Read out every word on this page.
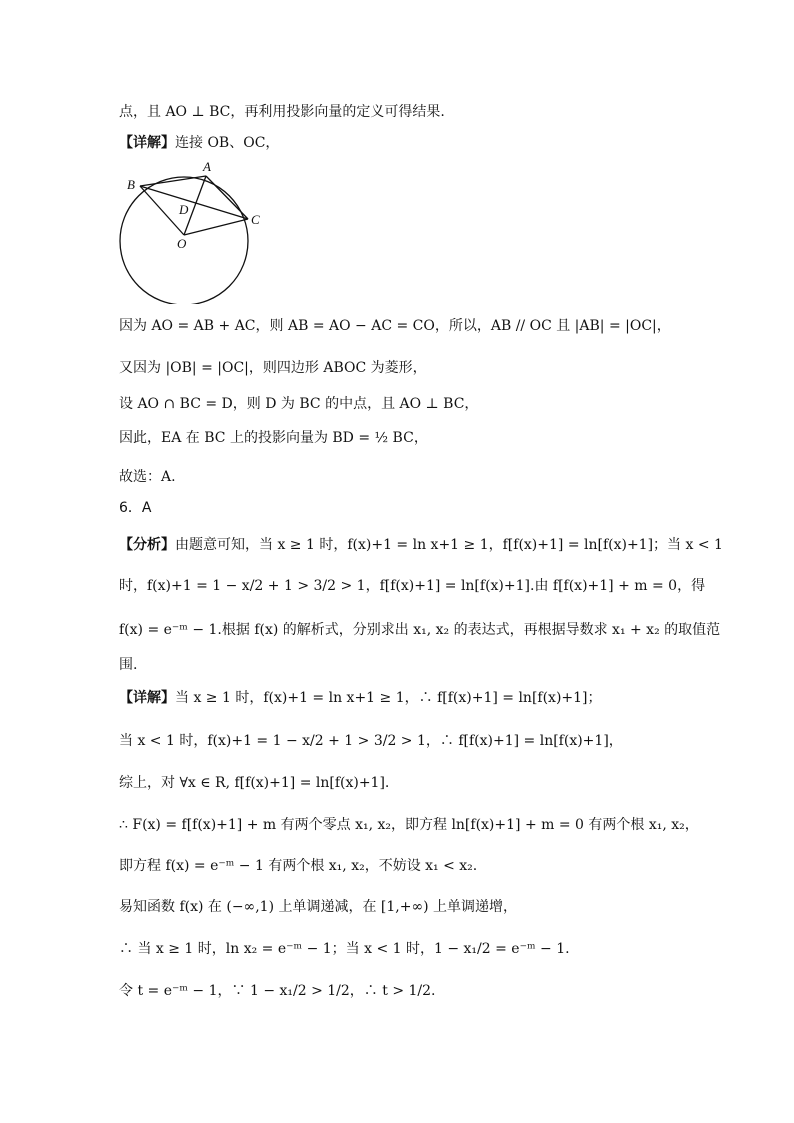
点，且 AO ⊥ BC，再利用投影向量的定义可得结果.
【详解】连接 OB、OC，
A
B
C
D
O
因为 AO = AB + AC，则 AB = AO − AC = CO，所以，AB // OC 且 |AB| = |OC|，
又因为 |OB| = |OC|，则四边形 ABOC 为菱形，
设 AO ∩ BC = D，则 D 为 BC 的中点，且 AO ⊥ BC，
因此，EA 在 BC 上的投影向量为 BD = ½ BC，
故选：A.
6．A
【分析】由题意可知，当 x ≥ 1 时，f(x)+1 = ln x+1 ≥ 1，f[f(x)+1] = ln[f(x)+1]；当 x < 1
时，f(x)+1 = 1 − x/2 + 1 > 3/2 > 1，f[f(x)+1] = ln[f(x)+1].由 f[f(x)+1] + m = 0，得
f(x) = e⁻ᵐ − 1.根据 f(x) 的解析式，分别求出 x₁, x₂ 的表达式，再根据导数求 x₁ + x₂ 的取值范
围.
【详解】当 x ≥ 1 时，f(x)+1 = ln x+1 ≥ 1，∴ f[f(x)+1] = ln[f(x)+1]；
当 x < 1 时，f(x)+1 = 1 − x/2 + 1 > 3/2 > 1，∴ f[f(x)+1] = ln[f(x)+1]，
综上，对 ∀x ∈ R, f[f(x)+1] = ln[f(x)+1].
∴ F(x) = f[f(x)+1] + m 有两个零点 x₁, x₂，即方程 ln[f(x)+1] + m = 0 有两个根 x₁, x₂，
即方程 f(x) = e⁻ᵐ − 1 有两个根 x₁, x₂，不妨设 x₁ < x₂.
易知函数 f(x) 在 (−∞,1) 上单调递减，在 [1,+∞) 上单调递增，
∴ 当 x ≥ 1 时，ln x₂ = e⁻ᵐ − 1；当 x < 1 时，1 − x₁/2 = e⁻ᵐ − 1.
令 t = e⁻ᵐ − 1，∵ 1 − x₁/2 > 1/2，∴ t > 1/2.
